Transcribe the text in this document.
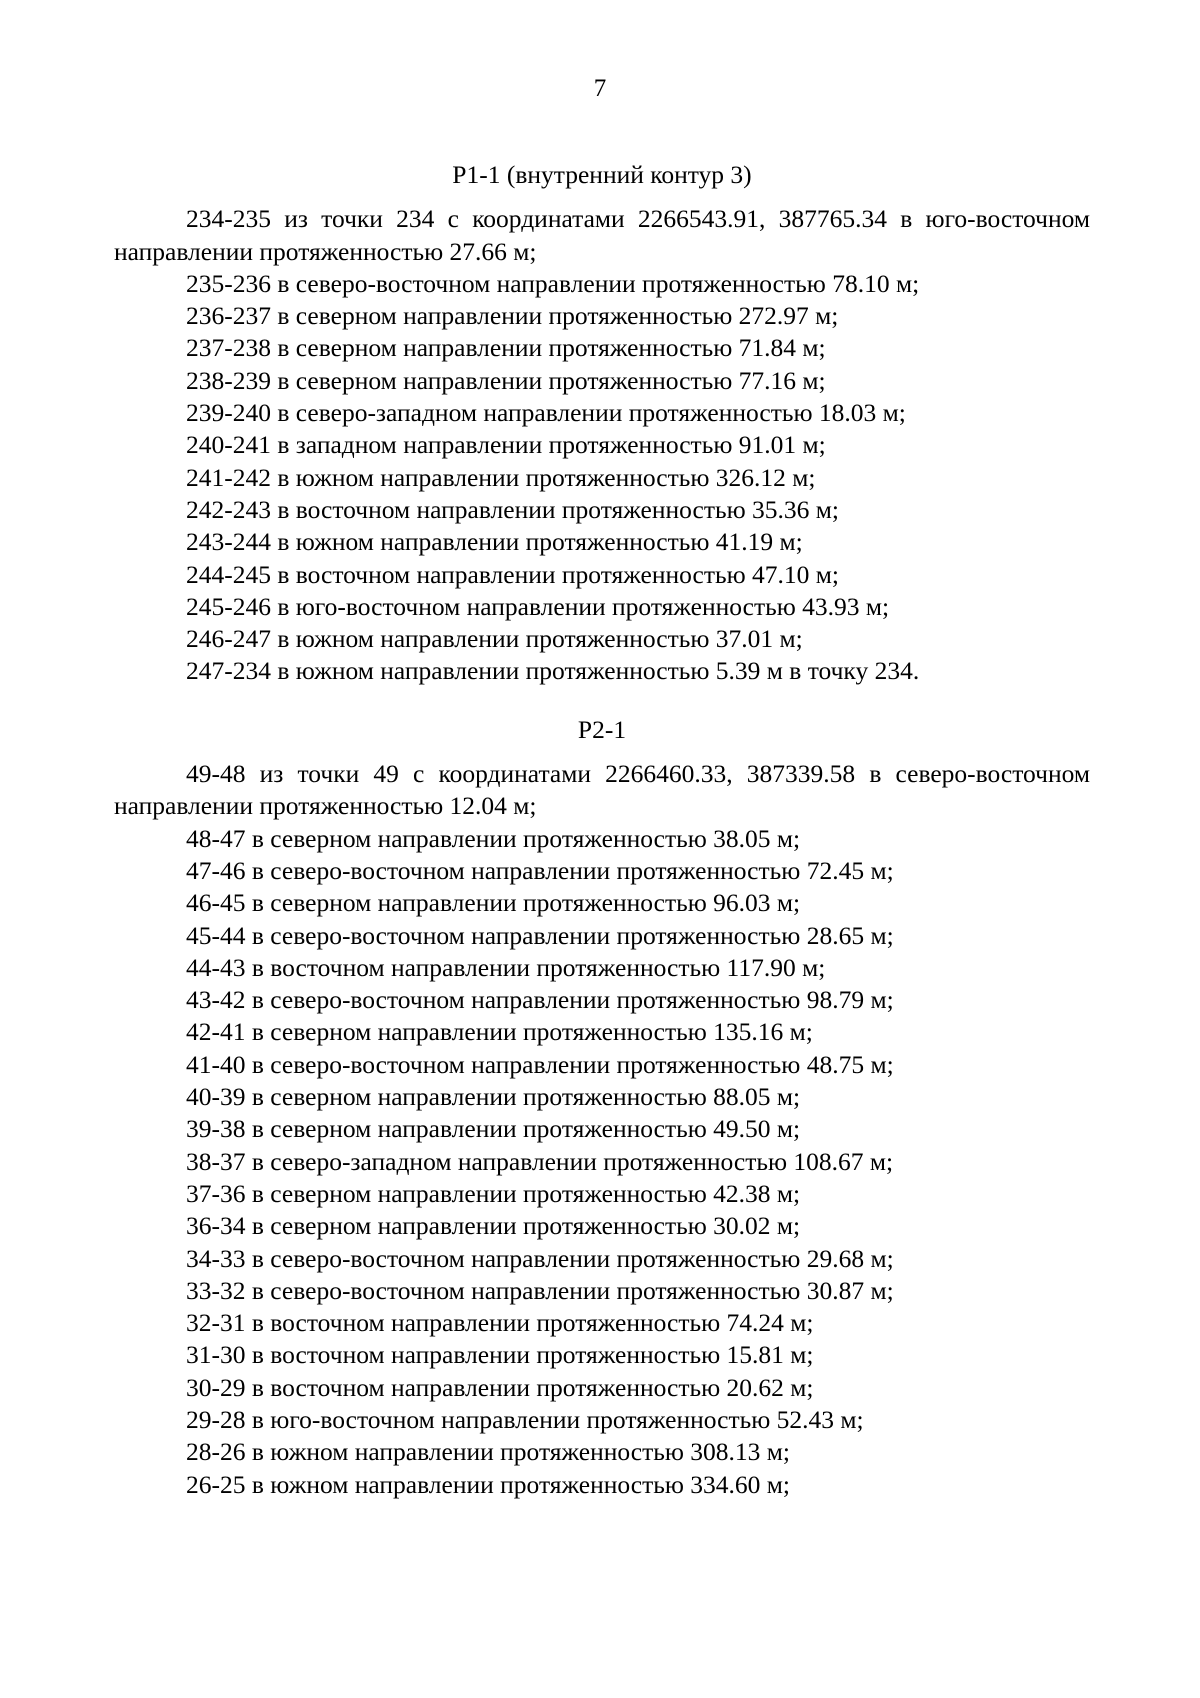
7
Р1-1 (внутренний контур 3)

234-235 из точки 234 с координатами 2266543.91, 387765.34 в юго-восточном направлении протяженностью 27.66 м;

235-236 в северо-восточном направлении протяженностью 78.10 м;

236-237 в северном направлении протяженностью 272.97 м;

237-238 в северном направлении протяженностью 71.84 м;

238-239 в северном направлении протяженностью 77.16 м;

239-240 в северо-западном направлении протяженностью 18.03 м;

240-241 в западном направлении протяженностью 91.01 м;

241-242 в южном направлении протяженностью 326.12 м;

242-243 в восточном направлении протяженностью 35.36 м;

243-244 в южном направлении протяженностью 41.19 м;

244-245 в восточном направлении протяженностью 47.10 м;

245-246 в юго-восточном направлении протяженностью 43.93 м;

246-247 в южном направлении протяженностью 37.01 м;

247-234 в южном направлении протяженностью 5.39 м в точку 234.

Р2-1

49-48 из точки 49 с координатами 2266460.33, 387339.58 в северо-восточном направлении протяженностью 12.04 м;

48-47 в северном направлении протяженностью 38.05 м;

47-46 в северо-восточном направлении протяженностью 72.45 м;

46-45 в северном направлении протяженностью 96.03 м;

45-44 в северо-восточном направлении протяженностью 28.65 м;

44-43 в восточном направлении протяженностью 117.90 м;

43-42 в северо-восточном направлении протяженностью 98.79 м;

42-41 в северном направлении протяженностью 135.16 м;

41-40 в северо-восточном направлении протяженностью 48.75 м;

40-39 в северном направлении протяженностью 88.05 м;

39-38 в северном направлении протяженностью 49.50 м;

38-37 в северо-западном направлении протяженностью 108.67 м;

37-36 в северном направлении протяженностью 42.38 м;

36-34 в северном направлении протяженностью 30.02 м;

34-33 в северо-восточном направлении протяженностью 29.68 м;

33-32 в северо-восточном направлении протяженностью 30.87 м;

32-31 в восточном направлении протяженностью 74.24 м;

31-30 в восточном направлении протяженностью 15.81 м;

30-29 в восточном направлении протяженностью 20.62 м;

29-28 в юго-восточном направлении протяженностью 52.43 м;

28-26 в южном направлении протяженностью 308.13 м;

26-25 в южном направлении протяженностью 334.60 м;
